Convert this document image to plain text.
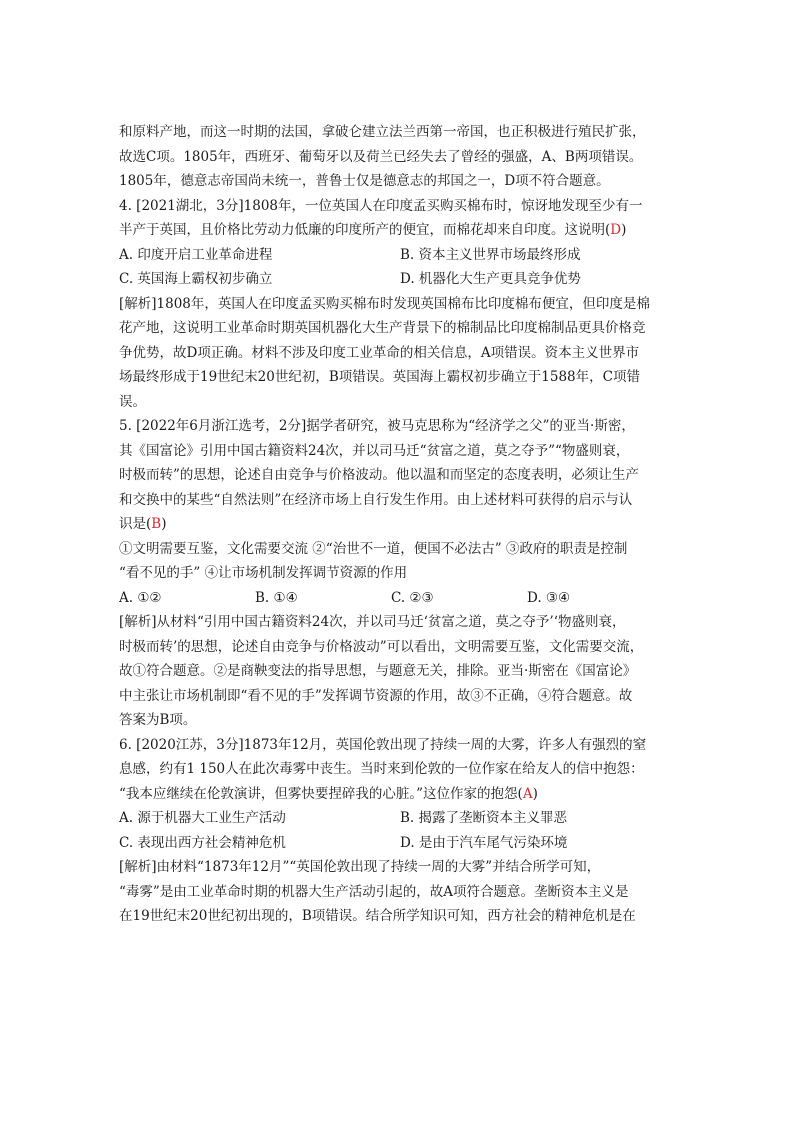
和原料产地，而这一时期的法国，拿破仑建立法兰西第一帝国，也正积极进行殖民扩张，
故选C项。1805年，西班牙、葡萄牙以及荷兰已经失去了曾经的强盛，A、B两项错误。
1805年，德意志帝国尚未统一，普鲁士仅是德意志的邦国之一，D项不符合题意。
4. [2021湖北，3分]1808年，一位英国人在印度孟买购买棉布时，惊讶地发现至少有一
半产于英国，且价格比劳动力低廉的印度所产的便宜，而棉花却来自印度。这说明(D)
A. 印度开启工业革命进程	B. 资本主义世界市场最终形成
C. 英国海上霸权初步确立	D. 机器化大生产更具竞争优势
[解析]1808年，英国人在印度孟买购买棉布时发现英国棉布比印度棉布便宜，但印度是棉
花产地，这说明工业革命时期英国机器化大生产背景下的棉制品比印度棉制品更具价格竞
争优势，故D项正确。材料不涉及印度工业革命的相关信息，A项错误。资本主义世界市
场最终形成于19世纪末20世纪初，B项错误。英国海上霸权初步确立于1588年，C项错
误。
5. [2022年6月浙江选考，2分]据学者研究，被马克思称为“经济学之父”的亚当·斯密，
其《国富论》引用中国古籍资料24次，并以司马迁“贫富之道，莫之夺予”“物盛则衰，
时极而转”的思想，论述自由竞争与价格波动。他以温和而坚定的态度表明，必须让生产
和交换中的某些“自然法则”在经济市场上自行发生作用。由上述材料可获得的启示与认
识是(B)
①文明需要互鉴，文化需要交流 ②“治世不一道，便国不必法古” ③政府的职责是控制
“看不见的手” ④让市场机制发挥调节资源的作用
A. ①②	B. ①④	C. ②③	D. ③④
[解析]从材料“引用中国古籍资料24次，并以司马迁‘贫富之道，莫之夺予’‘物盛则衰，
时极而转’的思想，论述自由竞争与价格波动”可以看出，文明需要互鉴，文化需要交流，
故①符合题意。②是商鞅变法的指导思想，与题意无关，排除。亚当·斯密在《国富论》
中主张让市场机制即“看不见的手”发挥调节资源的作用，故③不正确，④符合题意。故
答案为B项。
6. [2020江苏，3分]1873年12月，英国伦敦出现了持续一周的大雾，许多人有强烈的窒
息感，约有1 150人在此次毒雾中丧生。当时来到伦敦的一位作家在给友人的信中抱怨：
“我本应继续在伦敦演讲，但雾快要捏碎我的心脏。”这位作家的抱怨(A)
A. 源于机器大工业生产活动	B. 揭露了垄断资本主义罪恶
C. 表现出西方社会精神危机	D. 是由于汽车尾气污染环境
[解析]由材料“1873年12月”“英国伦敦出现了持续一周的大雾”并结合所学可知，
“毒雾”是由工业革命时期的机器大生产活动引起的，故A项符合题意。垄断资本主义是
在19世纪末20世纪初出现的，B项错误。结合所学知识可知，西方社会的精神危机是在
